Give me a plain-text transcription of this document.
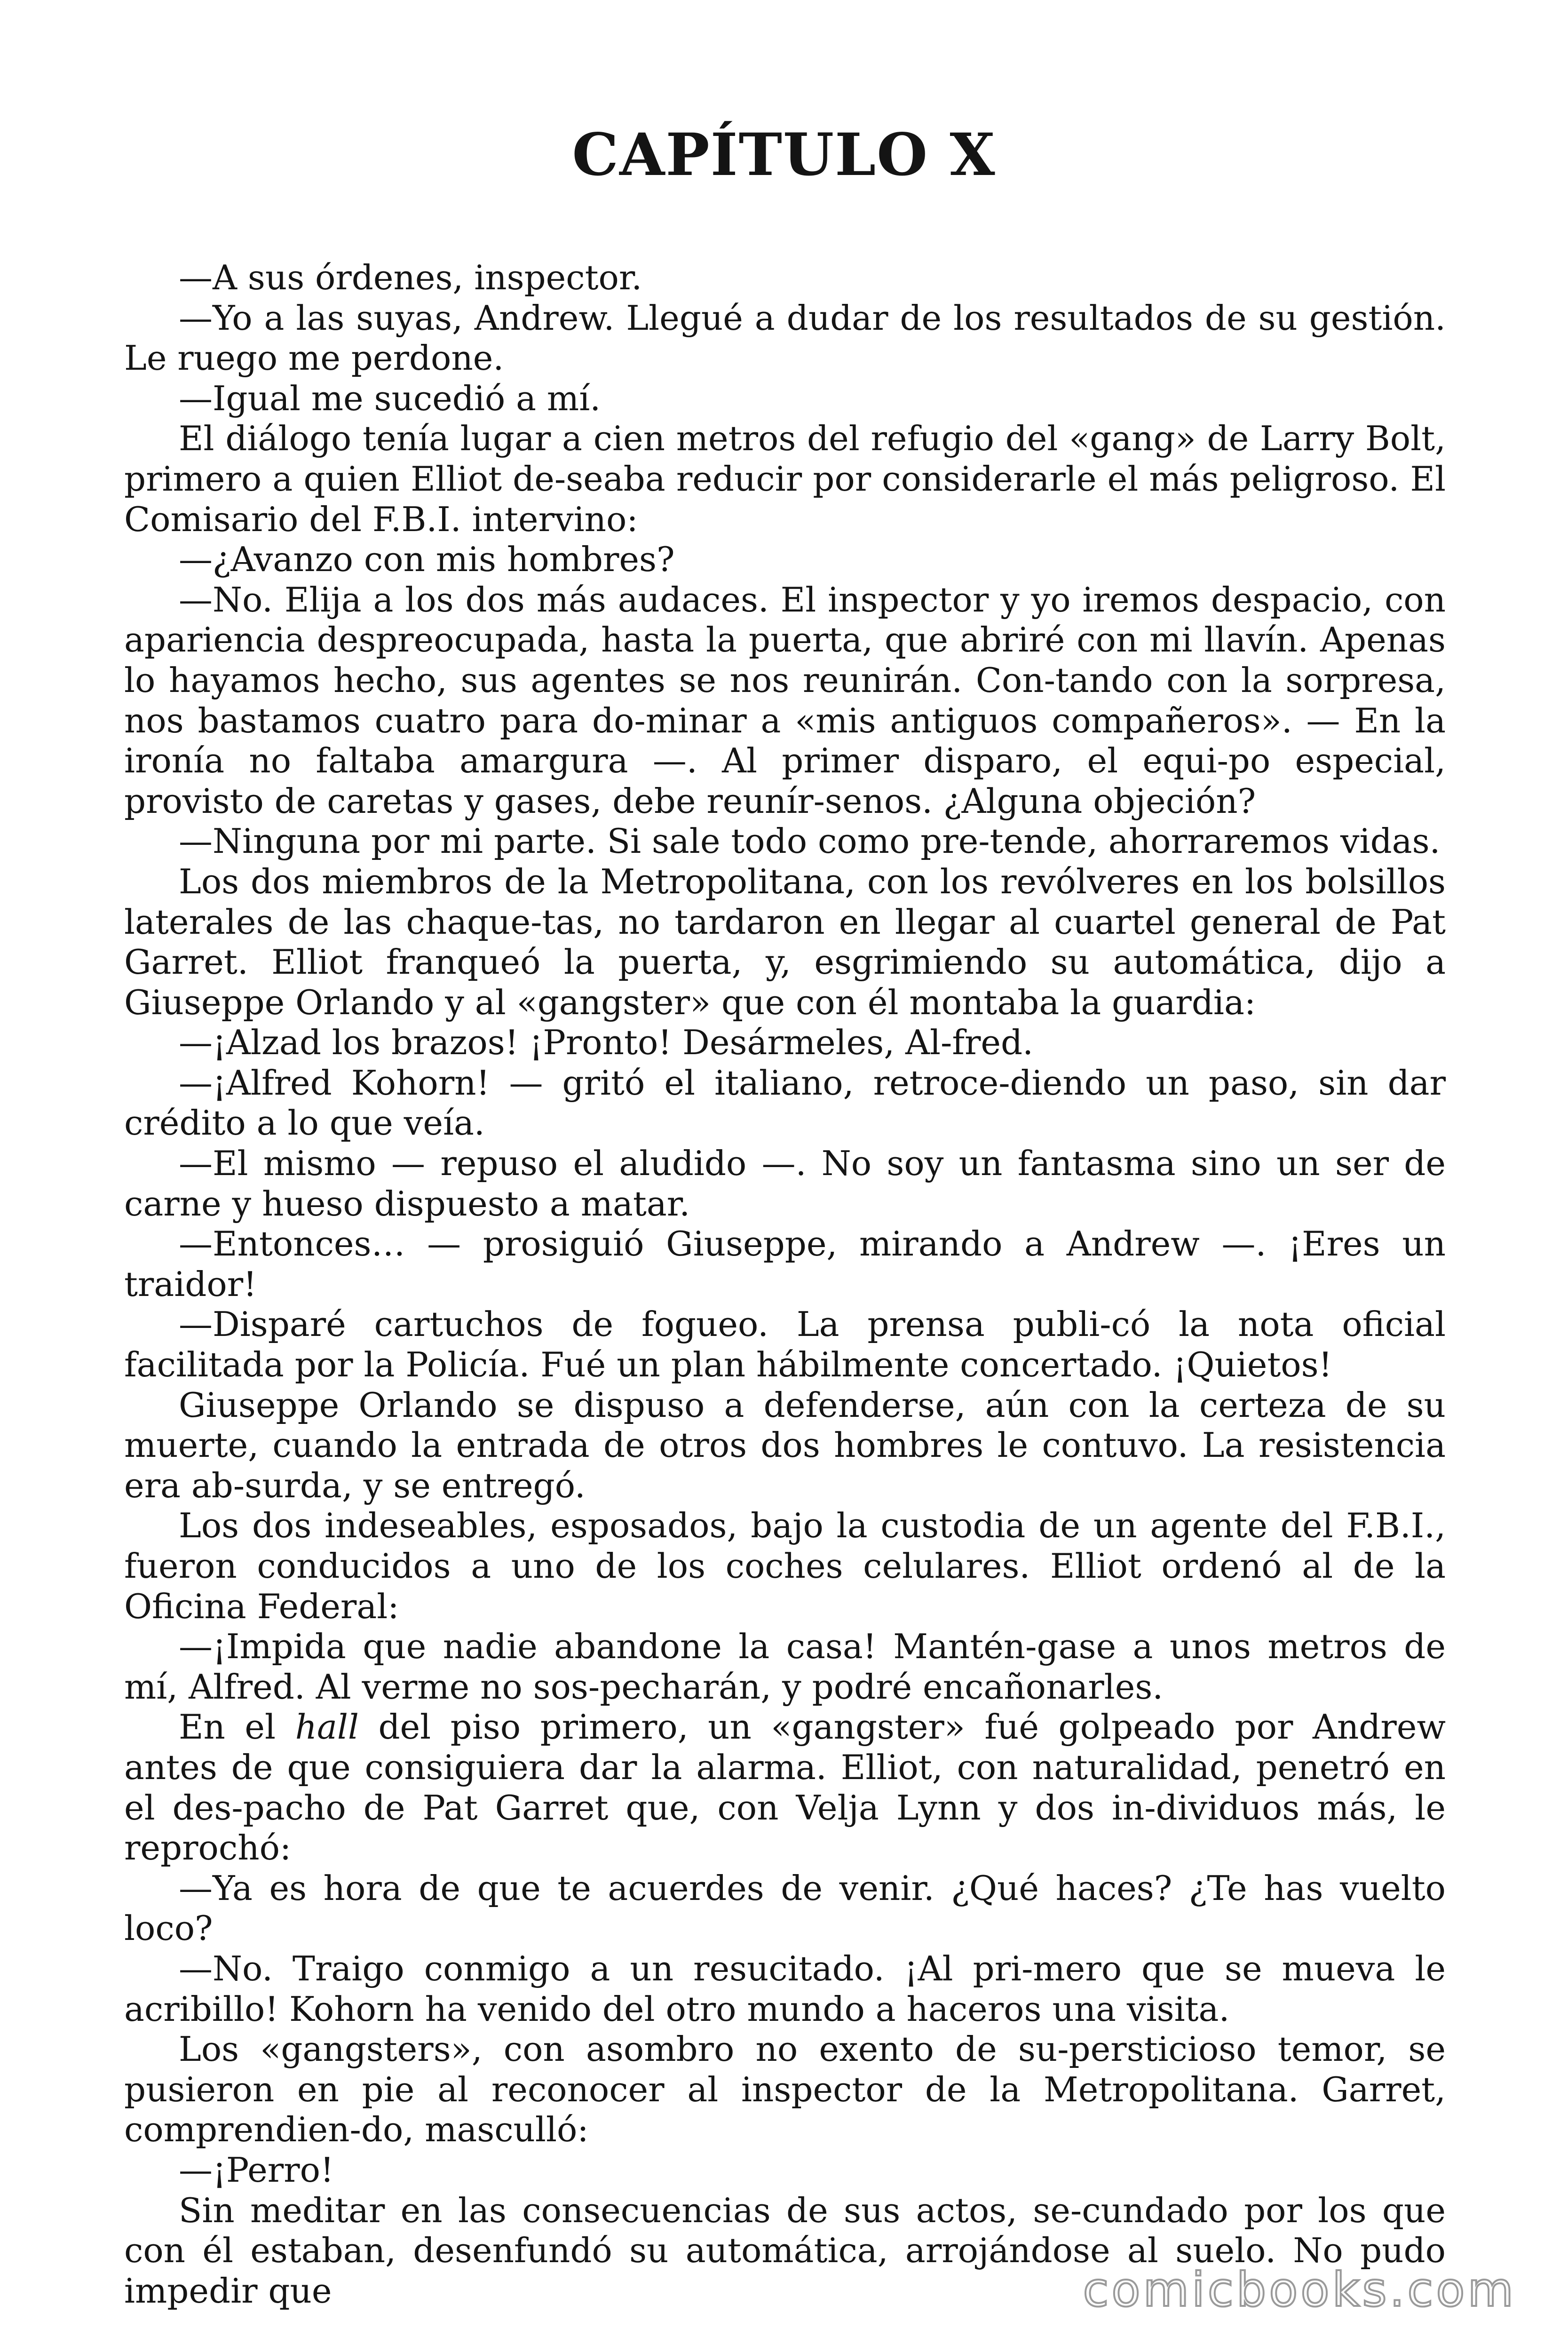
CAPÍTULO X

—A sus órdenes, inspector.

—Yo a las suyas, Andrew. Llegué a dudar de los resultados de su gestión. Le ruego me perdone.

—Igual me sucedió a mí.

El diálogo tenía lugar a cien metros del refugio del «gang» de Larry Bolt, primero a quien Elliot de-seaba reducir por considerarle el más peligroso. El Comisario del F.B.I. intervino:

—¿Avanzo con mis hombres?

—No. Elija a los dos más audaces. El inspector y yo iremos despacio, con apariencia despreocupada, hasta la puerta, que abriré con mi llavín. Apenas lo hayamos hecho, sus agentes se nos reunirán. Con-tando con la sorpresa, nos bastamos cuatro para do-minar a «mis antiguos compañeros». — En la ironía no faltaba amargura —. Al primer disparo, el equi-po especial, provisto de caretas y gases, debe reunír-senos. ¿Alguna objeción?

—Ninguna por mi parte. Si sale todo como pre-tende, ahorraremos vidas.

Los dos miembros de la Metropolitana, con los revólveres en los bolsillos laterales de las chaque-tas, no tardaron en llegar al cuartel general de Pat Garret. Elliot franqueó la puerta, y, esgrimiendo su automática, dijo a Giuseppe Orlando y al «gangster» que con él montaba la guardia:

—¡Alzad los brazos! ¡Pronto! Desármeles, Al-fred.

—¡Alfred Kohorn! — gritó el italiano, retroce-diendo un paso, sin dar crédito a lo que veía.

—El mismo — repuso el aludido —. No soy un fantasma sino un ser de carne y hueso dispuesto a matar.

—Entonces… — prosiguió Giuseppe, mirando a Andrew —. ¡Eres un traidor!

—Disparé cartuchos de fogueo. La prensa publi-có la nota oficial facilitada por la Policía. Fué un plan hábilmente concertado. ¡Quietos!

Giuseppe Orlando se dispuso a defenderse, aún con la certeza de su muerte, cuando la entrada de otros dos hombres le contuvo. La resistencia era ab-surda, y se entregó.

Los dos indeseables, esposados, bajo la custodia de un agente del F.B.I., fueron conducidos a uno de los coches celulares. Elliot ordenó al de la Oficina Federal:

—¡Impida que nadie abandone la casa! Mantén-gase a unos metros de mí, Alfred. Al verme no sos-pecharán, y podré encañonarles.

En el hall del piso primero, un «gangster» fué golpeado por Andrew antes de que consiguiera dar la alarma. Elliot, con naturalidad, penetró en el des-pacho de Pat Garret que, con Velja Lynn y dos in-dividuos más, le reprochó:

—Ya es hora de que te acuerdes de venir. ¿Qué haces? ¿Te has vuelto loco?

—No. Traigo conmigo a un resucitado. ¡Al pri-mero que se mueva le acribillo! Kohorn ha venido del otro mundo a haceros una visita.

Los «gangsters», con asombro no exento de su-persticioso temor, se pusieron en pie al reconocer al inspector de la Metropolitana. Garret, comprendien-do, masculló:

—¡Perro!

Sin meditar en las consecuencias de sus actos, se-cundado por los que con él estaban, desenfundó su automática, arrojándose al suelo. No pudo impedir que	comicbooks.com
